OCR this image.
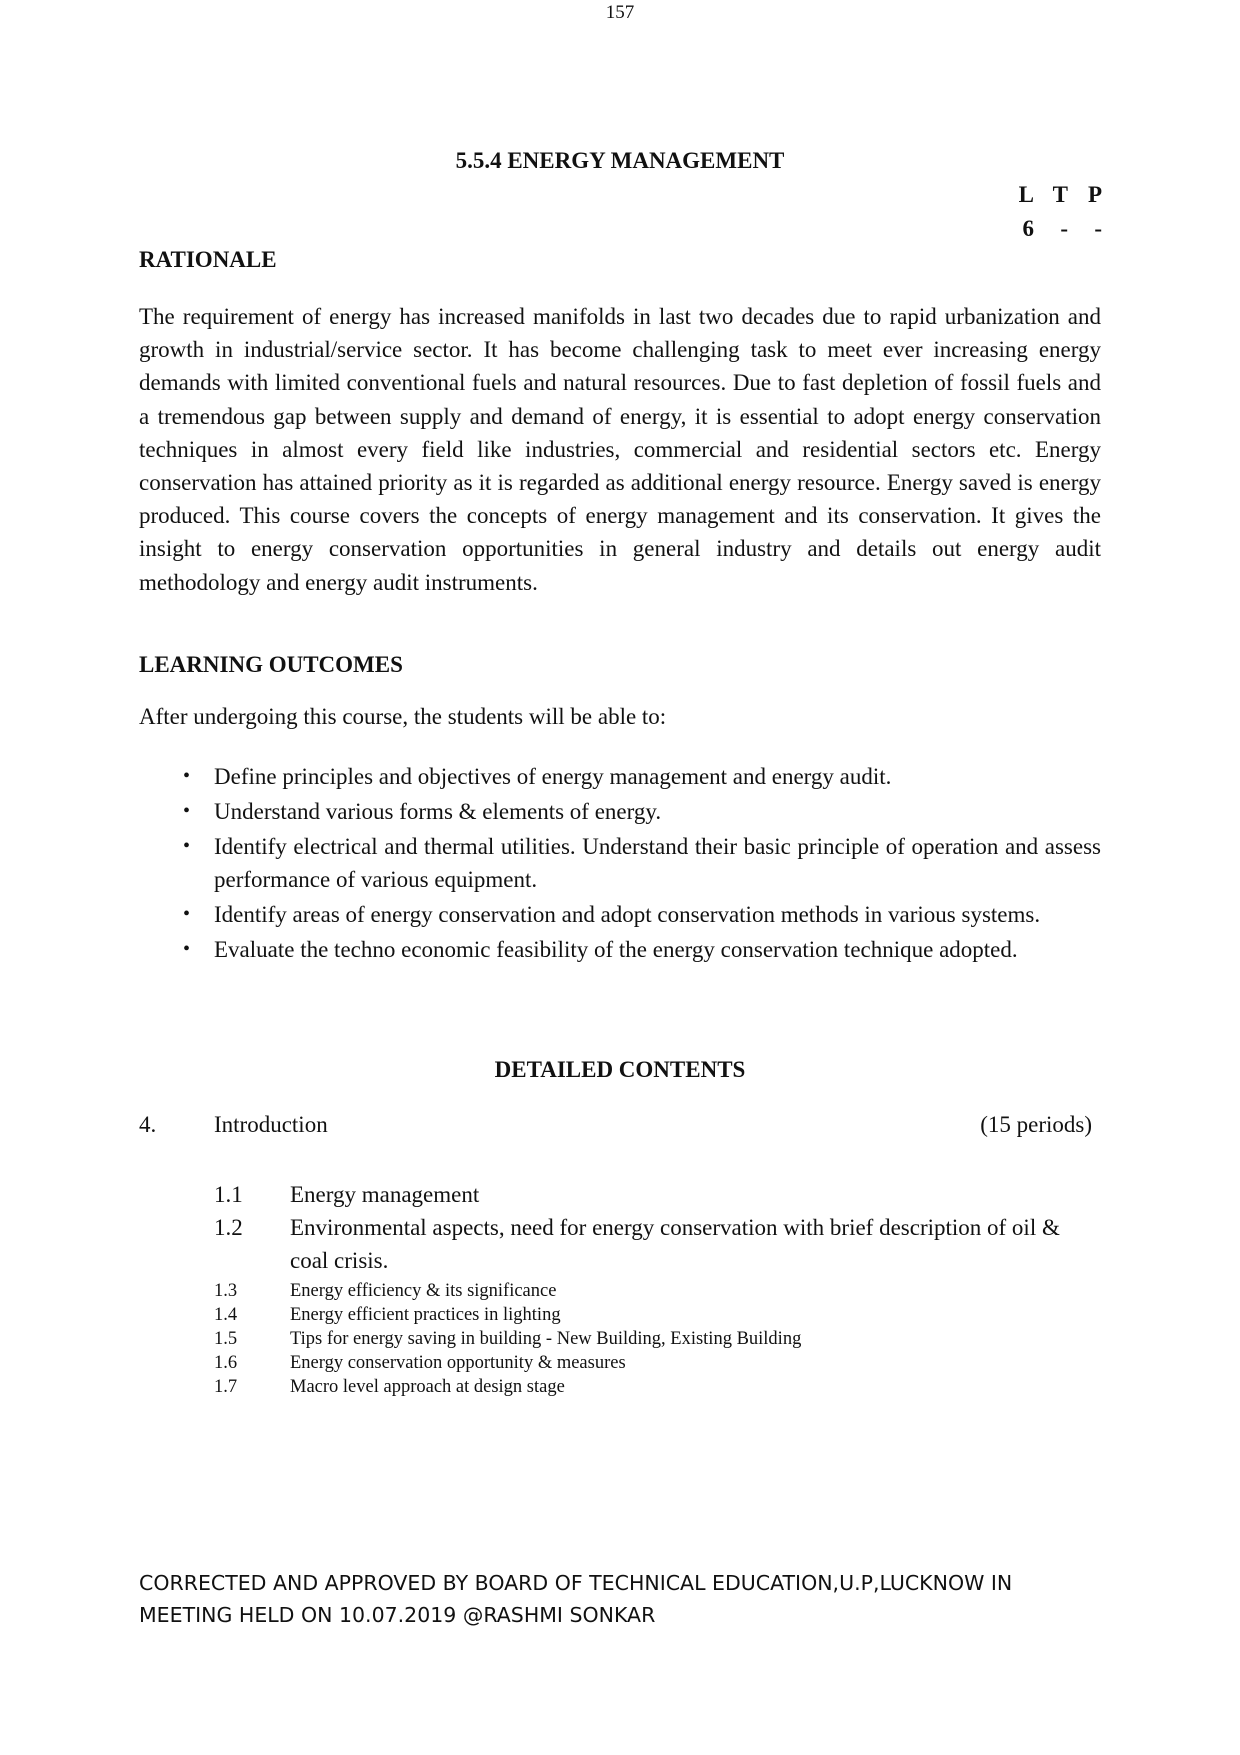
157
5.5.4 ENERGY MANAGEMENT
L T P
6 - -
RATIONALE
The requirement of energy has increased manifolds in last two decades due to rapid urbanization and growth in industrial/service sector. It has become challenging task to meet ever increasing energy demands with limited conventional fuels and natural resources. Due to fast depletion of fossil fuels and a tremendous gap between supply and demand of energy, it is essential to adopt energy conservation techniques in almost every field like industries, commercial and residential sectors etc. Energy conservation has attained priority as it is regarded as additional energy resource. Energy saved is energy produced. This course covers the concepts of energy management and its conservation. It gives the insight to energy conservation opportunities in general industry and details out energy audit methodology and energy audit instruments.
LEARNING OUTCOMES
After undergoing this course, the students will be able to:
• Define principles and objectives of energy management and energy audit.
• Understand various forms & elements of energy.
• Identify electrical and thermal utilities. Understand their basic principle of operation and assess performance of various equipment.
• Identify areas of energy conservation and adopt conservation methods in various systems.
• Evaluate the techno economic feasibility of the energy conservation technique adopted.
DETAILED CONTENTS
4.	Introduction	(15 periods)
1.1	Energy management
1.2	Environmental aspects, need for energy conservation with brief description of oil & coal crisis.
1.3	Energy efficiency & its significance
1.4	Energy efficient practices in lighting
1.5	Tips for energy saving in building - New Building, Existing Building
1.6	Energy conservation opportunity & measures
1.7	Macro level approach at design stage
CORRECTED AND APPROVED BY BOARD OF TECHNICAL EDUCATION,U.P,LUCKNOW IN
MEETING HELD ON 10.07.2019 @RASHMI SONKAR
